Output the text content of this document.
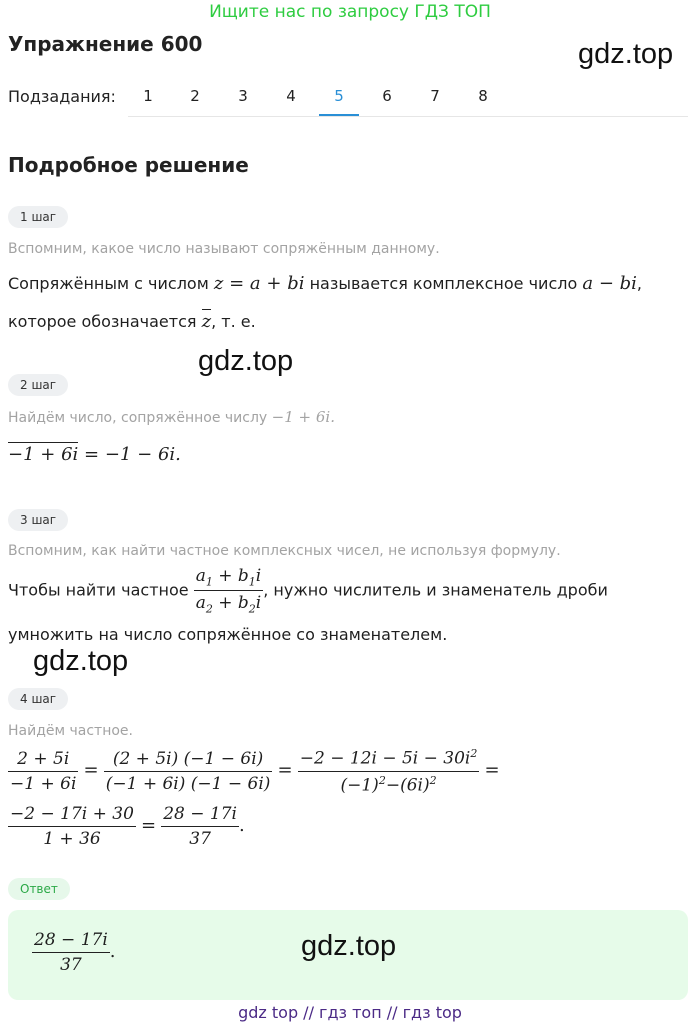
Ищите нас по запросу ГДЗ ТОП
Упражнение 600	gdz.top
Подзадания:	1	2	3	4	5	6	7	8
Подробное решение
1 шаг
Вспомним, какое число называют сопряжённым данному.
Сопряжённым с числом z = a + bi называется комплексное число a − bi,
которое обозначается z, т. е.
gdz.top
2 шаг
Найдём число, сопряжённое числу −1 + 6i.
−1 + 6i = −1 − 6i.
3 шаг
Вспомним, как найти частное комплексных чисел, не используя формулу.
Чтобы найти частное $\frac{a_1 + b_1i}{a_2 + b_2i}$ , нужно числитель и знаменатель дроби
умножить на число сопряжённое со знаменателем.
gdz.top
4 шаг
Найдём частное.
$\frac{2 + 5i}{-1 + 6i} = \frac{(2 + 5i) (-1 - 6i)}{(-1 + 6i) (-1 - 6i)} = \frac{-2 - 12i - 5i - 30i^2}{(-1)^2-(6i)^2}$ =
$\frac{-2 - 17i + 30}{1 + 36} = \frac{28 - 17i}{37}$ .
Ответ
$\frac{28 - 17i}{37}$ .	gdz.top
gdz top // гдз топ // гдз top
